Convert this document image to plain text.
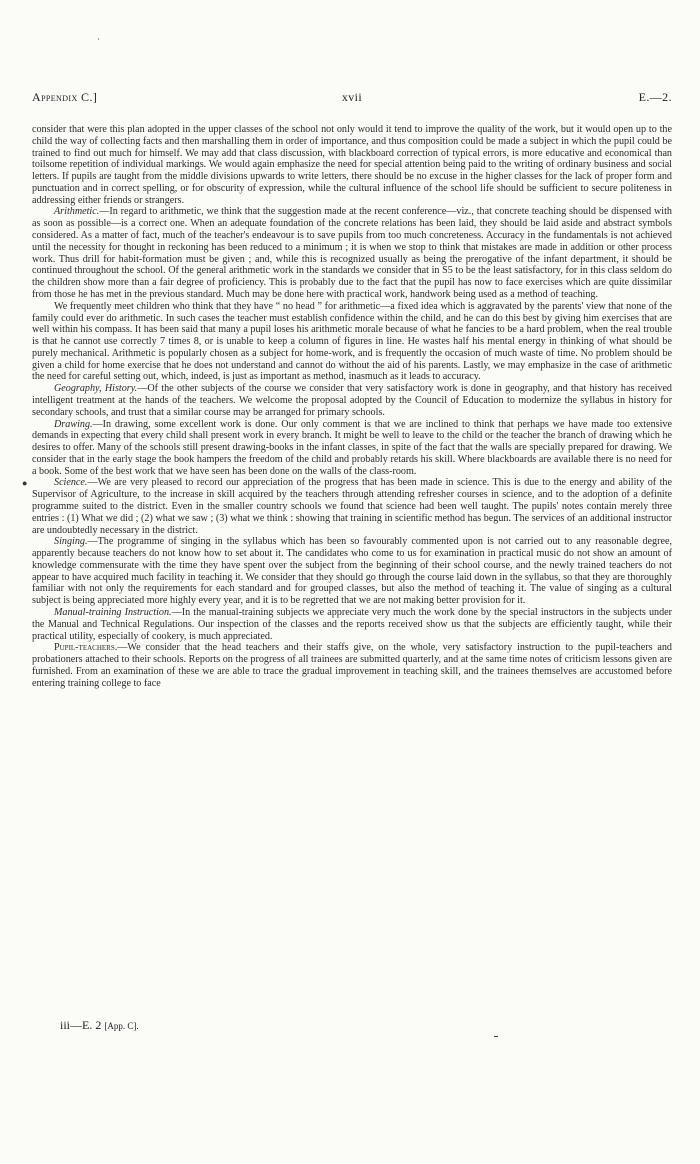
Appendix C.]	xvii	E.—2.

consider that were this plan adopted in the upper classes of the school not only would it tend to improve the quality of the work, but it would open up to the child the way of collecting facts and then marshalling them in order of importance, and thus composition could be made a subject in which the pupil could be trained to find out much for himself. We may add that class discussion, with blackboard correction of typical errors, is more educative and economical than toilsome repetition of individual markings. We would again emphasize the need for special attention being paid to the writing of ordinary business and social letters. If pupils are taught from the middle divisions upwards to write letters, there should be no excuse in the higher classes for the lack of proper form and punctuation and in correct spelling, or for obscurity of expression, while the cultural influence of the school life should be sufficient to secure politeness in addressing either friends or strangers.

Arithmetic.—In regard to arithmetic, we think that the suggestion made at the recent conference—viz., that concrete teaching should be dispensed with as soon as possible—is a correct one. When an adequate foundation of the concrete relations has been laid, they should be laid aside and abstract symbols considered. As a matter of fact, much of the teacher's endeavour is to save pupils from too much concreteness. Accuracy in the fundamentals is not achieved until the necessity for thought in reckoning has been reduced to a minimum ; it is when we stop to think that mistakes are made in addition or other process work. Thus drill for habit-formation must be given ; and, while this is recognized usually as being the prerogative of the infant department, it should be continued throughout the school. Of the general arithmetic work in the standards we consider that in S5 to be the least satisfactory, for in this class seldom do the children show more than a fair degree of proficiency. This is probably due to the fact that the pupil has now to face exercises which are quite dissimilar from those he has met in the previous standard. Much may be done here with practical work, handwork being used as a method of teaching.

We frequently meet children who think that they have “ no head ” for arithmetic—a fixed idea which is aggravated by the parents' view that none of the family could ever do arithmetic. In such cases the teacher must establish confidence within the child, and he can do this best by giving him exercises that are well within his compass. It has been said that many a pupil loses his arithmetic morale because of what he fancies to be a hard problem, when the real trouble is that he cannot use correctly 7 times 8, or is unable to keep a column of figures in line. He wastes half his mental energy in thinking of what should be purely mechanical. Arithmetic is popularly chosen as a subject for home-work, and is frequently the occasion of much waste of time. No problem should be given a child for home exercise that he does not understand and cannot do without the aid of his parents. Lastly, we may emphasize in the case of arithmetic the need for careful setting out, which, indeed, is just as important as method, inasmuch as it leads to accuracy.

Geography, History.—Of the other subjects of the course we consider that very satisfactory work is done in geography, and that history has received intelligent treatment at the hands of the teachers. We welcome the proposal adopted by the Council of Education to modernize the syllabus in history for secondary schools, and trust that a similar course may be arranged for primary schools.

Drawing.—In drawing, some excellent work is done. Our only comment is that we are inclined to think that perhaps we have made too extensive demands in expecting that every child shall present work in every branch. It might be well to leave to the child or the teacher the branch of drawing which he desires to offer. Many of the schools still present drawing-books in the infant classes, in spite of the fact that the walls are specially prepared for drawing. We consider that in the early stage the book hampers the freedom of the child and probably retards his skill. Where blackboards are available there is no need for a book. Some of the best work that we have seen has been done on the walls of the class-room.

Science.—We are very pleased to record our appreciation of the progress that has been made in science. This is due to the energy and ability of the Supervisor of Agriculture, to the increase in skill acquired by the teachers through attending refresher courses in science, and to the adoption of a definite programme suited to the district. Even in the smaller country schools we found that science had been well taught. The pupils' notes contain merely three entries : (1) What we did ; (2) what we saw ; (3) what we think : showing that training in scientific method has begun. The services of an additional instructor are undoubtedly necessary in the district.

Singing.—The programme of singing in the syllabus which has been so favourably commented upon is not carried out to any reasonable degree, apparently because teachers do not know how to set about it. The candidates who come to us for examination in practical music do not show an amount of knowledge commensurate with the time they have spent over the subject from the beginning of their school course, and the newly trained teachers do not appear to have acquired much facility in teaching it. We consider that they should go through the course laid down in the syllabus, so that they are thoroughly familiar with not only the requirements for each standard and for grouped classes, but also the method of teaching it. The value of singing as a cultural subject is being appreciated more highly every year, and it is to be regretted that we are not making better provision for it.

Manual-training Instruction.—In the manual-training subjects we appreciate very much the work done by the special instructors in the subjects under the Manual and Technical Regulations. Our inspection of the classes and the reports received show us that the subjects are efficiently taught, while their practical utility, especially of cookery, is much appreciated.

Pupil-teachers.—We consider that the head teachers and their staffs give, on the whole, very satisfactory instruction to the pupil-teachers and probationers attached to their schools. Reports on the progress of all trainees are submitted quarterly, and at the same time notes of criticism lessons given are furnished. From an examination of these we are able to trace the gradual improvement in teaching skill, and the trainees themselves are accustomed before entering training college to face

●
iii—E. 2 [App. C].
